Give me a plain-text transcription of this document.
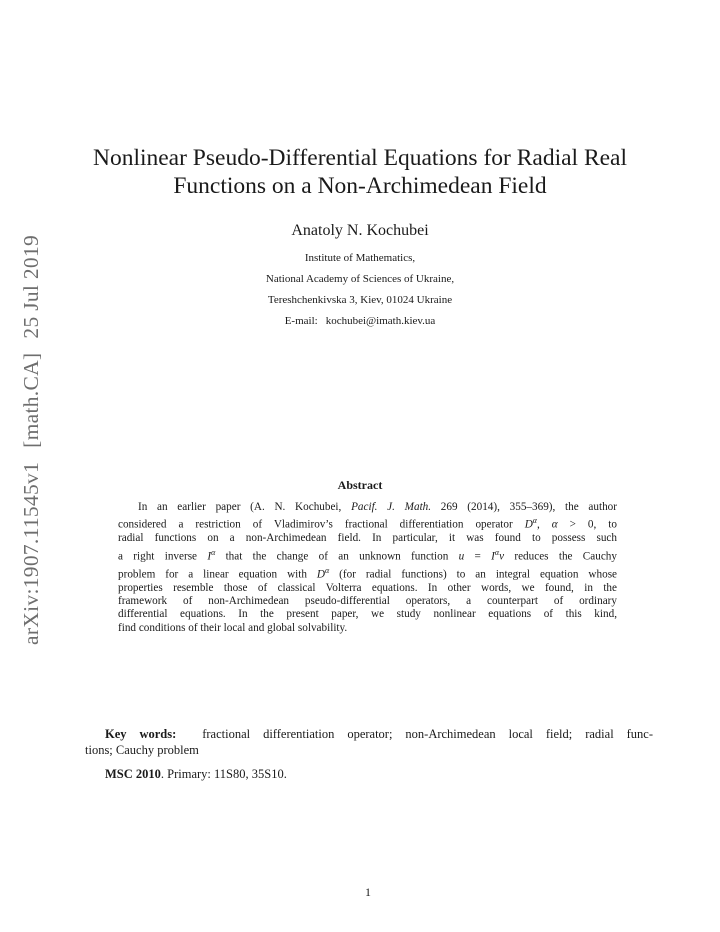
arXiv:1907.11545v1[math.CA]25 Jul 2019
Nonlinear Pseudo-Differential Equations for Radial Real
Functions on a Non-Archimedean Field
Anatoly N. Kochubei
Institute of Mathematics,
National Academy of Sciences of Ukraine,
Tereshchenkivska 3, Kiev, 01024 Ukraine
E-mail: kochubei@imath.kiev.ua
Abstract
In an earlier paper (A. N. Kochubei, Pacif. J. Math. 269 (2014), 355–369), the author
considered a restriction of Vladimirov’s fractional differentiation operator $D^\alpha$, α > 0, to
radial functions on a non-Archimedean field. In particular, it was found to possess such
a right inverse $I^\alpha$ that the change of an unknown function $u = I^\alpha v$ reduces the Cauchy
problem for a linear equation with $D^\alpha$ (for radial functions) to an integral equation whose
properties resemble those of classical Volterra equations. In other words, we found, in the
framework of non-Archimedean pseudo-differential operators, a counterpart of ordinary
differential equations. In the present paper, we study nonlinear equations of this kind,
find conditions of their local and global solvability.
Key words: fractional differentiation operator; non-Archimedean local field; radial func-
tions; Cauchy problem
MSC 2010. Primary: 11S80, 35S10.
1
